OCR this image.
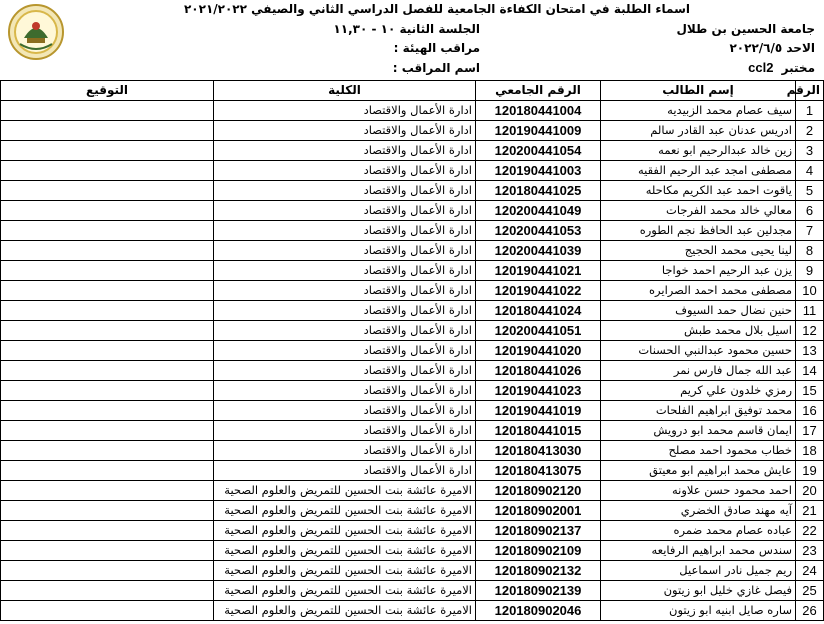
اسماء الطلبة في امتحان الكفاءة الجامعية للفصل الدراسي الثاني والصيفي ٢٠٢١/٢٠٢٢
جامعة الحسين بن طلال
الجلسة الثانية ١٠ - ١١,٣٠
الاحد ٢٠٢٢/٦/٥
مراقب الهيئة :
مختبر ccl2
اسم المراقب :
الرقم	إسم الطالب	الرقم الجامعي	الكلية	التوقيع
1	سيف عصام محمد الزبيديه	120180441004	ادارة الأعمال والاقتصاد	
2	ادريس عدنان عبد القادر سالم	120190441009	ادارة الأعمال والاقتصاد	
3	زين خالد عبدالرحيم ابو نعمه	120200441054	ادارة الأعمال والاقتصاد	
4	مصطفى امجد عبد الرحيم الفقيه	120190441003	ادارة الأعمال والاقتصاد	
5	ياقوت احمد عبد الكريم مكاحله	120180441025	ادارة الأعمال والاقتصاد	
6	معالي خالد محمد الفرجات	120200441049	ادارة الأعمال والاقتصاد	
7	مجدلين عبد الحافظ نجم الطوره	120200441053	ادارة الأعمال والاقتصاد	
8	لينا يحيى محمد الحجيج	120200441039	ادارة الأعمال والاقتصاد	
9	يزن عبد الرحيم احمد خواجا	120190441021	ادارة الأعمال والاقتصاد	
10	مصطفى محمد احمد الصرايره	120190441022	ادارة الأعمال والاقتصاد	
11	حنين نضال حمد السيوف	120180441024	ادارة الأعمال والاقتصاد	
12	اسيل بلال محمد طبش	120200441051	ادارة الأعمال والاقتصاد	
13	حسين محمود عبدالنبي الحسنات	120190441020	ادارة الأعمال والاقتصاد	
14	عبد الله جمال فارس نمر	120180441026	ادارة الأعمال والاقتصاد	
15	رمزي خلدون علي كريم	120190441023	ادارة الأعمال والاقتصاد	
16	محمد توفيق ابراهيم الفلحات	120190441019	ادارة الأعمال والاقتصاد	
17	ايمان قاسم محمد ابو درويش	120180441015	ادارة الأعمال والاقتصاد	
18	خطاب محمود احمد مصلح	120180413030	ادارة الأعمال والاقتصاد	
19	عايش محمد ابراهيم ابو معيتق	120180413075	ادارة الأعمال والاقتصاد	
20	احمد محمود حسن علاونه	120180902120	الاميرة عائشة بنت الحسين للتمريض والعلوم الصحية	
21	آيه مهند صادق الخضري	120180902001	الاميرة عائشة بنت الحسين للتمريض والعلوم الصحية	
22	عباده عصام محمد ضمره	120180902137	الاميرة عائشة بنت الحسين للتمريض والعلوم الصحية	
23	سندس محمد ابراهيم الرفايعه	120180902109	الاميرة عائشة بنت الحسين للتمريض والعلوم الصحية	
24	ريم جميل نادر اسماعيل	120180902132	الاميرة عائشة بنت الحسين للتمريض والعلوم الصحية	
25	فيصل غازي خليل ابو زيتون	120180902139	الاميرة عائشة بنت الحسين للتمريض والعلوم الصحية	
26	ساره صايل ابنيه ابو زيتون	120180902046	الاميرة عائشة بنت الحسين للتمريض والعلوم الصحية	
